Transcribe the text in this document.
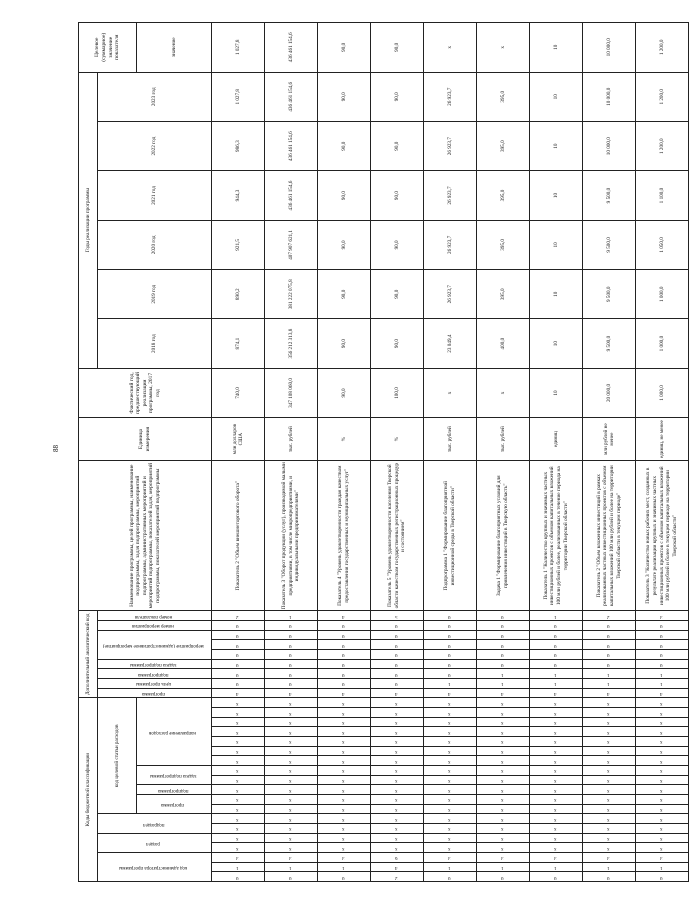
88
Коды бюджетной классификации																			Дополнительный аналитический код									Наименование программы, целей программы, наименование подпрограммы, задач подпрограммы, мероприятий подпрограммы, административных мероприятий и мероприятий подпрограммы, показателей задач, мероприятий подпрограммы, показателей мероприятий подпрограммы	Единица измерения	Фактический год, предшествующий реализации программы, 2017 год	Годы реализации программы						Целевое (суммарное) значение показателя
код администратора программы			раздел		подраздел		код целевой статьи расходов												программа	цель программы	подпрограмма	задача подпрограммы	мероприятие (административное мероприятие)			номер мероприятия	номер показателя				2018 год	2019 год	2020 год	2021 год	2022 год	2023 год	
							программа		подпрограмма	задача подпрограммы		направление расходов																									значение
0	1	3	x	x	x	x	x	x	x	x	x	x	x	x	x	x	x	x	4	0	0	0	0	0	0	0	2	Показатель 2 "Объем внешнеторгового оборота"	млн долларов США	740,0	874,1	890,2	921,5	944,3	986,3	1 027,8	1 027,8
0	1	3	x	x	x	x	x	x	x	x	x	x	x	x	x	x	x	x	4	0	0	0	0	0	0	0	1	Показатель 3 "Оборот продукции (услуг), производимой малыми предприятиями, в том числе микропредприятиями, и индивидуальными предпринимателями"	тыс. рублей	347 108 060,0	356 212 313,8	381 222 075,8	407 907 621,1	436 461 154,6	436 461 154,6	436 461 154,6	436 461 154,6
0	1	3	x	x	x	x	x	x	x	x	x	x	x	x	x	x	x	x	4	0	0	0	0	0	0	0	4	Показатель 4 "Уровень удовлетворенности граждан качеством предоставления государственных и муниципальных услуг"	%	90,0	90,0	90,0	90,0	90,0	90,0	90,0	90,0
2	4	6	x	x	x	x	x	x	x	x	x	x	x	x	x	x	x	x	4	0	0	0	0	0	0	0	5	Показатель 5 "Уровень удовлетворенности населения Тверской области качеством государственных регистрационных процедур и состоянием"	%	100,0	90,0	90,0	90,0	90,0	90,0	90,0	90,0
0	1	3	x	x	x	x	x	x	x	x	x	x	x	x	x	x	x	x	4	1	0	0	0	0	0	0	0	Подпрограмма 1 "Формирование благоприятной инвестиционной среды в Тверской области"	тыс. рублей	x	23 049,4	26 923,7	26 923,7	26 923,7	26 923,7	26 923,7	x
0	1	3	x	x	x	x	x	x	x	x	x	x	x	x	x	x	x	x	4	1	1	0	0	0	0	0	0	Задача 1 "Формирование благоприятных условий для привлечения инвестиций в Тверскую область"	тыс. рублей	x	400,0	395,0	395,0	395,0	395,0	395,0	x
0	1	3	x	x	x	x	x	x	x	x	x	x	x	x	x	x	x	x	4	1	1	0	0	0	0	0	1	Показатель 1 "Количество крупных и значимых частных инвестиционных проектов с объемом капитальных вложений 100 млн рублей и более, реализованных в течение периода на территории Тверской области"	единиц	10	10	10	10	10	10	10	10
0	1	3	x	x	x	x	x	x	x	x	x	x	x	x	x	x	x	x	4	1	1	0	0	0	0	0	2	Показатель 2 "Объем вложенных инвестиций в рамках реализованных частных инвестиционных проектов с объемом капитальных вложений 100 млн рублей и более на территории Тверской области в текущем периоде"	млн рублей не менее	20 000,0	9 500,0	9 500,0	9 500,0	9 500,0	10 000,0	10 000,0	10 000,0
0	1	3	x	x	x	x	x	x	x	x	x	x	x	x	x	x	x	x	4	1	1	0	0	0	0	0	3	Показатель 3 "Количество новых рабочих мест, созданных в результате реализации крупных и значимых частных инвестиционных проектов с объемом капитальных вложений 100 млн рублей и более в текущем периоде на территории Тверской области"	единиц, не менее	1 000,0	1 000,0	1 000,0	1 050,0	1 100,0	1 200,0	1 200,0	1 200,0
